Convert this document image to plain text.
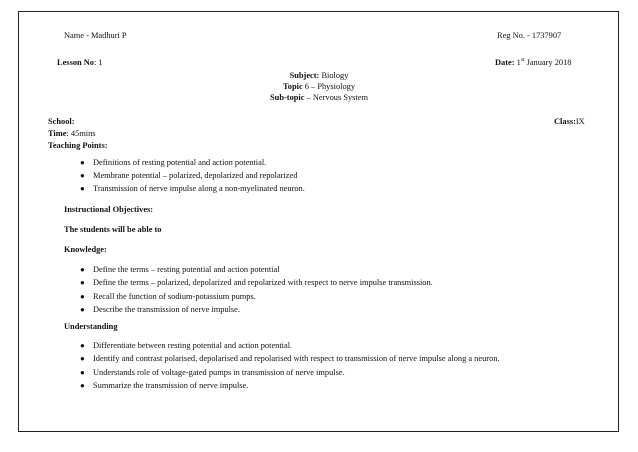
Name - Madhuri P	Reg No. - 1737907
Lesson No: 1	Date: 1st January 2018
Subject: Biology
Topic 6 – Physiology
Sub-topic – Nervous System
School:	Class:IX
Time: 45mins
Teaching Points:
● Definitions of resting potential and action potential.
● Membrane potential – polarized, depolarized and repolarized
● Transmission of nerve impulse along a non-myelinated neuron.
Instructional Objectives:
The students will be able to
Knowledge:
● Define the terms – resting potential and action potential
● Define the terms – polarized, depolarized and repolarized with respect to nerve impulse transmission.
● Recall the function of sodium-potassium pumps.
● Describe the transmission of nerve impulse.
Understanding
● Differentiate between resting potential and action potential.
● Identify and contrast polarised, depolarised and repolarised with respect to transmission of nerve impulse along a neuron.
● Understands role of voltage-gated pumps in transmission of nerve impulse.
● Summarize the transmission of nerve impulse.
